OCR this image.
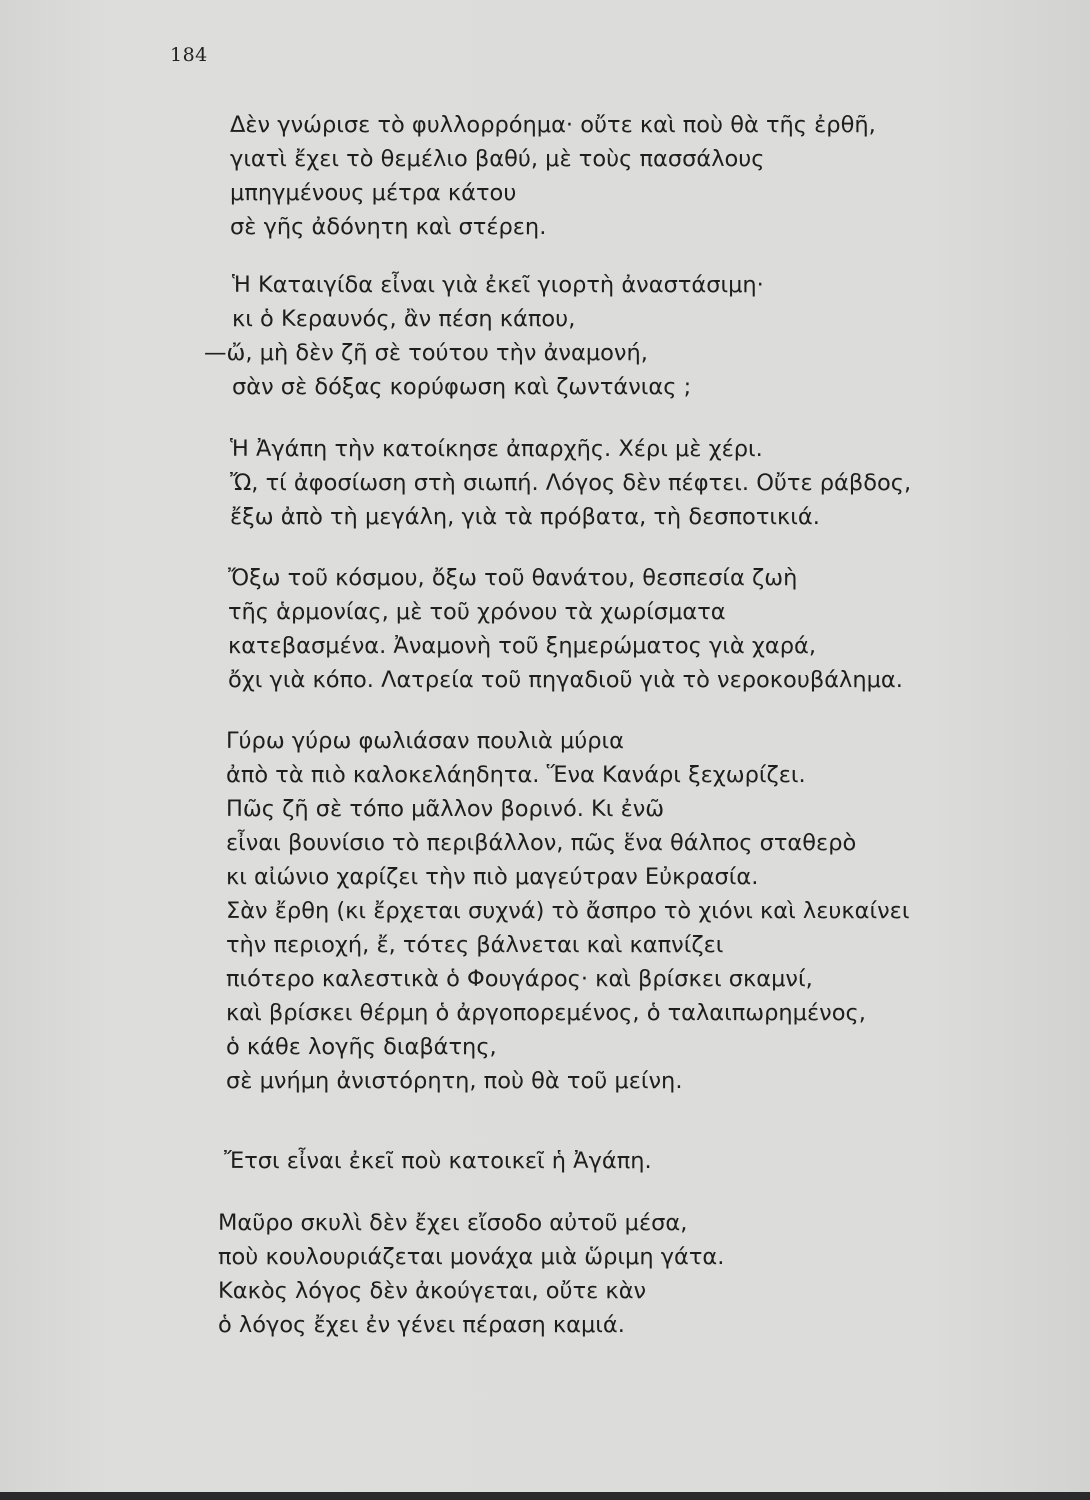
184
Δὲν γνώρισε τὸ φυλλορρόημα· οὔτε καὶ ποὺ θὰ τῆς ἐρθῆ,
γιατὶ ἔχει τὸ θεμέλιο βαθύ, μὲ τοὺς πασσάλους
μπηγμένους μέτρα κάτου
σὲ γῆς ἀδόνητη καὶ στέρεη.
Ἡ Καταιγίδα εἶναι γιὰ ἐκεῖ γιορτὴ ἀναστάσιμη·
κι ὁ Κεραυνός, ἂν πέση κάπου,
—ὤ, μὴ δὲν ζῆ σὲ τούτου τὴν ἀναμονή,
σὰν σὲ δόξας κορύφωση καὶ ζωντάνιας ;
Ἡ Ἀγάπη τὴν κατοίκησε ἀπαρχῆς. Χέρι μὲ χέρι.
Ὤ, τί ἀφοσίωση στὴ σιωπή. Λόγος δὲν πέφτει. Οὔτε ράβδος,
ἔξω ἀπὸ τὴ μεγάλη, γιὰ τὰ πρόβατα, τὴ δεσποτικιά.
Ὄξω τοῦ κόσμου, ὄξω τοῦ θανάτου, θεσπεσία ζωὴ
τῆς ἁρμονίας, μὲ τοῦ χρόνου τὰ χωρίσματα
κατεβασμένα. Ἀναμονὴ τοῦ ξημερώματος γιὰ χαρά,
ὄχι γιὰ κόπο. Λατρεία τοῦ πηγαδιοῦ γιὰ τὸ νεροκουβάλημα.
Γύρω γύρω φωλιάσαν πουλιὰ μύρια
ἀπὸ τὰ πιὸ καλοκελάηδητα. Ἕνα Κανάρι ξεχωρίζει.
Πῶς ζῆ σὲ τόπο μᾶλλον βορινό. Κι ἐνῶ
εἶναι βουνίσιο τὸ περιβάλλον, πῶς ἕνα θάλπος σταθερὸ
κι αἰώνιο χαρίζει τὴν πιὸ μαγεύτραν Εὐκρασία.
Σὰν ἔρθη (κι ἔρχεται συχνά) τὸ ἄσπρο τὸ χιόνι καὶ λευκαίνει
τὴν περιοχή, ἔ, τότες βάλνεται καὶ καπνίζει
πιότερο καλεστικὰ ὁ Φουγάρος· καὶ βρίσκει σκαμνί,
καὶ βρίσκει θέρμη ὁ ἀργοπορεμένος, ὁ ταλαιπωρημένος,
ὁ κάθε λογῆς διαβάτης,
σὲ μνήμη ἀνιστόρητη, ποὺ θὰ τοῦ μείνη.
Ἔτσι εἶναι ἐκεῖ ποὺ κατοικεῖ ἡ Ἀγάπη.
Μαῦρο σκυλὶ δὲν ἔχει εἴσοδο αὐτοῦ μέσα,
ποὺ κουλουριάζεται μονάχα μιὰ ὥριμη γάτα.
Κακὸς λόγος δὲν ἀκούγεται, οὔτε κὰν
ὁ λόγος ἔχει ἐν γένει πέραση καμιά.
